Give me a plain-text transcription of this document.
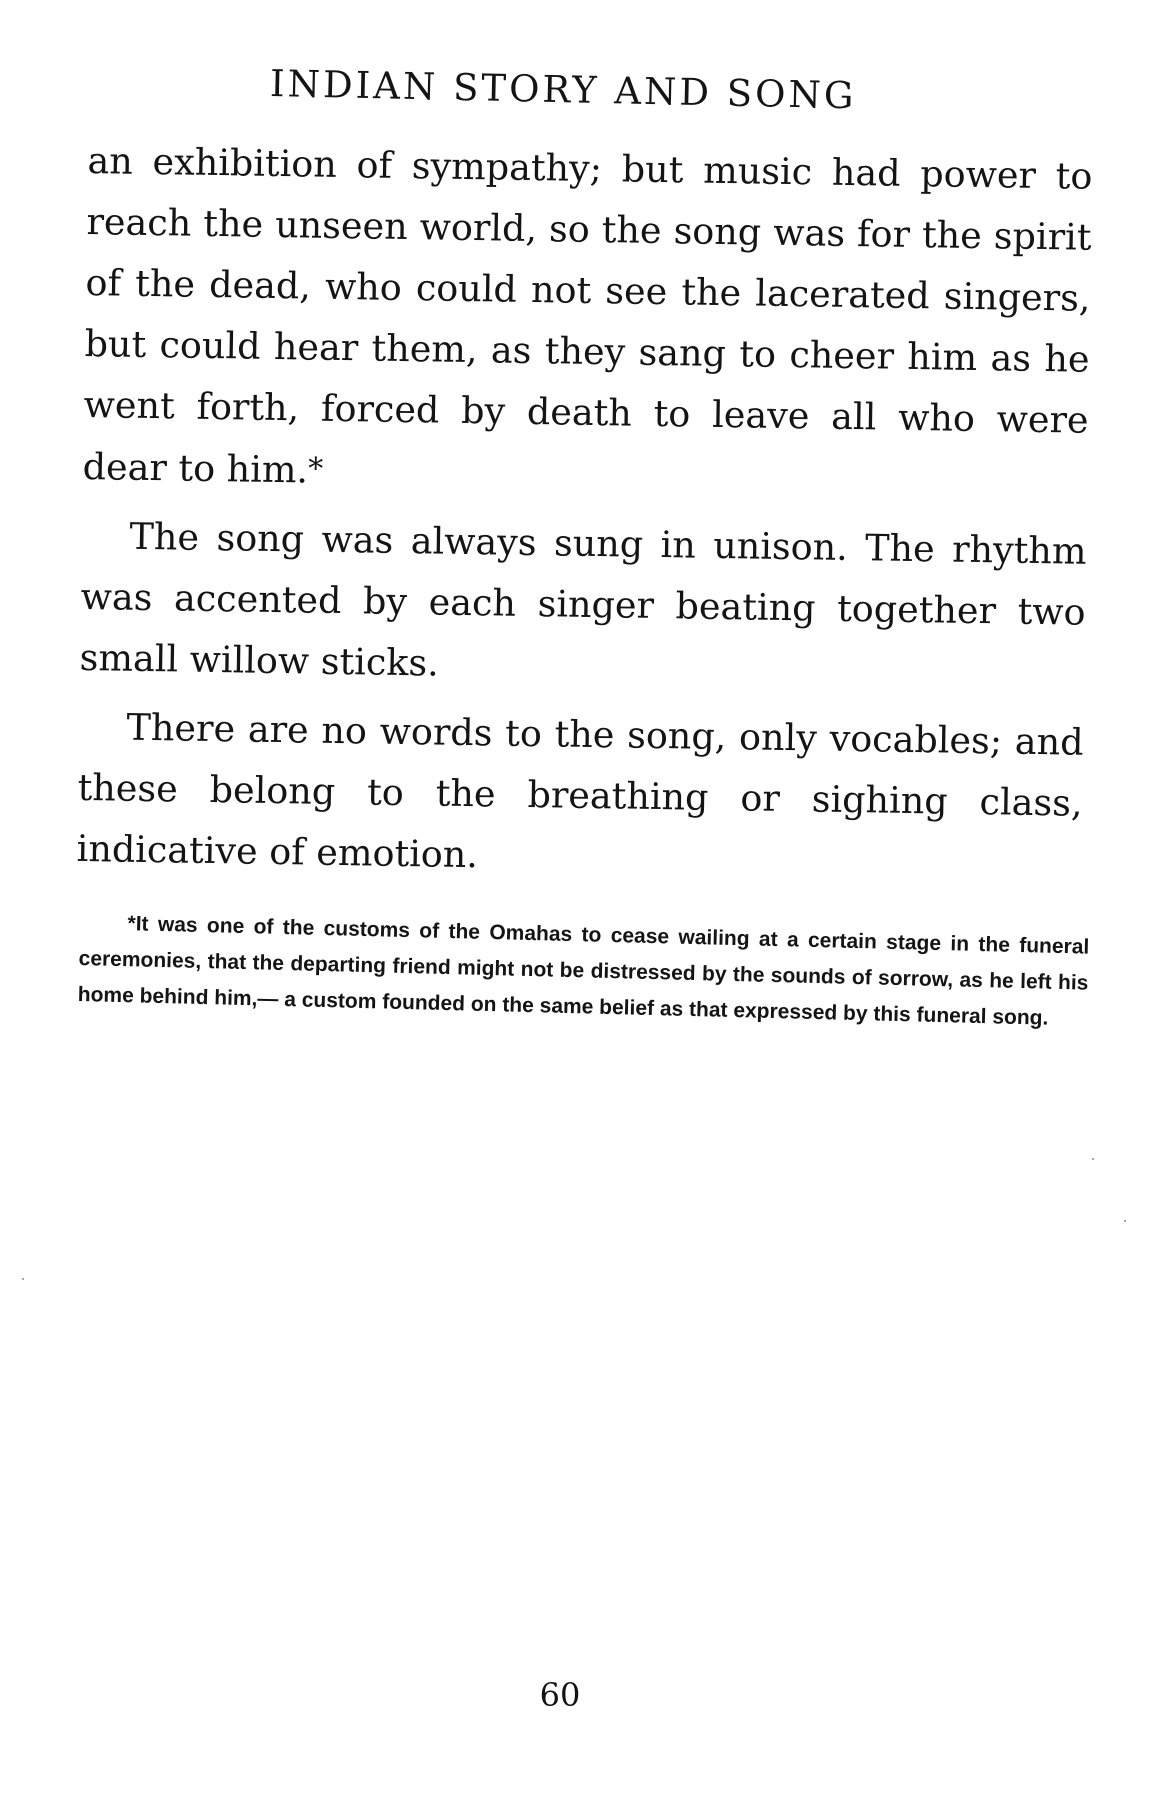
INDIAN STORY AND SONG

an exhibition of sympathy; but music had power to reach the unseen world, so the song was for the spirit of the dead, who could not see the lacerated singers, but could hear them, as they sang to cheer him as he went forth, forced by death to leave all who were dear to him.*

The song was always sung in unison. The rhythm was accented by each singer beating together two small willow sticks.

There are no words to the song, only vocables; and these belong to the breathing or sighing class, indicative of emotion.

*It was one of the customs of the Omahas to cease wailing at a certain stage in the funeral ceremonies, that the departing friend might not be distressed by the sounds of sorrow, as he left his home behind him,— a custom founded on the same belief as that expressed by this funeral song.
60
